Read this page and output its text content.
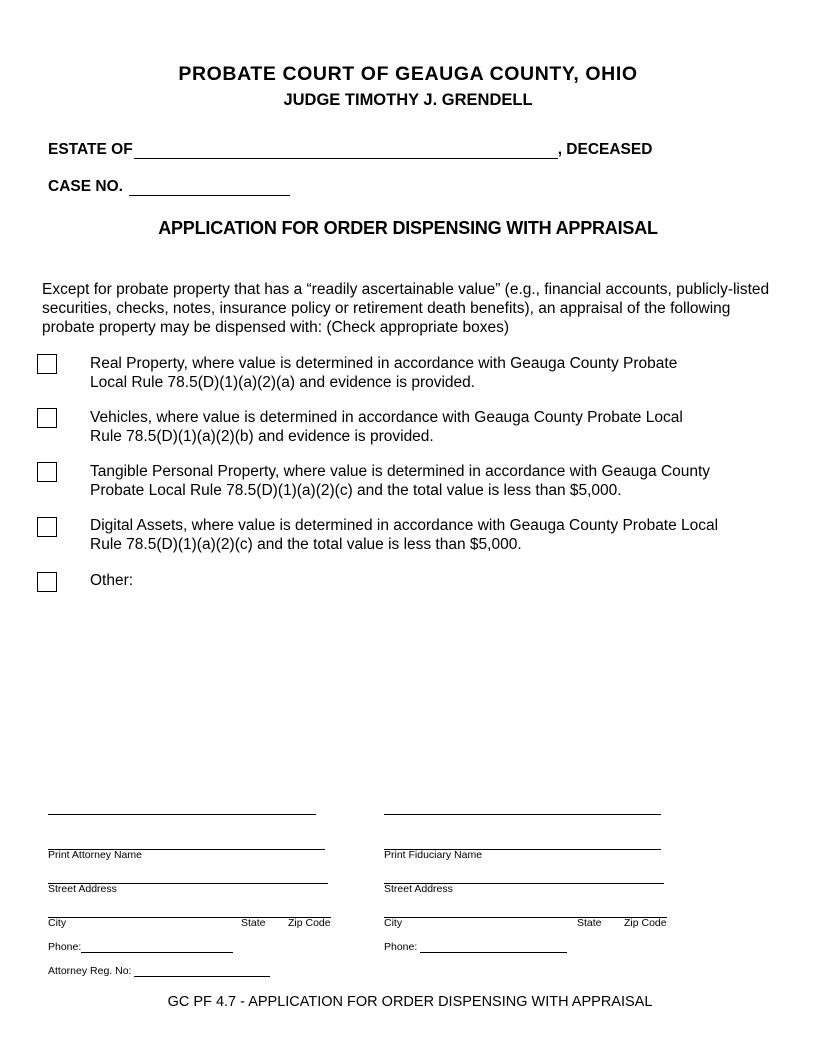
PROBATE COURT OF GEAUGA COUNTY, OHIO
JUDGE TIMOTHY J. GRENDELL
ESTATE OF	, DECEASED
CASE NO.
APPLICATION FOR ORDER DISPENSING WITH APPRAISAL
Except for probate property that has a “readily ascertainable value” (e.g., financial accounts, publicly-listed securities, checks, notes, insurance policy or retirement death benefits), an appraisal of the following probate property may be dispensed with: (Check appropriate boxes)
Real Property, where value is determined in accordance with Geauga County Probate
Local Rule 78.5(D)(1)(a)(2)(a) and evidence is provided.
Vehicles, where value is determined in accordance with Geauga County Probate Local
Rule 78.5(D)(1)(a)(2)(b) and evidence is provided.
Tangible Personal Property, where value is determined in accordance with Geauga County
Probate Local Rule 78.5(D)(1)(a)(2)(c) and the total value is less than $5,000.
Digital Assets, where value is determined in accordance with Geauga County Probate Local
Rule 78.5(D)(1)(a)(2)(c) and the total value is less than $5,000.
Other:
Print Attorney Name
Street Address
City	State Zip Code
Phone:
Attorney Reg. No:
Print Fiduciary Name
Street Address
City	State Zip Code
Phone:
GC PF 4.7 - APPLICATION FOR ORDER DISPENSING WITH APPRAISAL
